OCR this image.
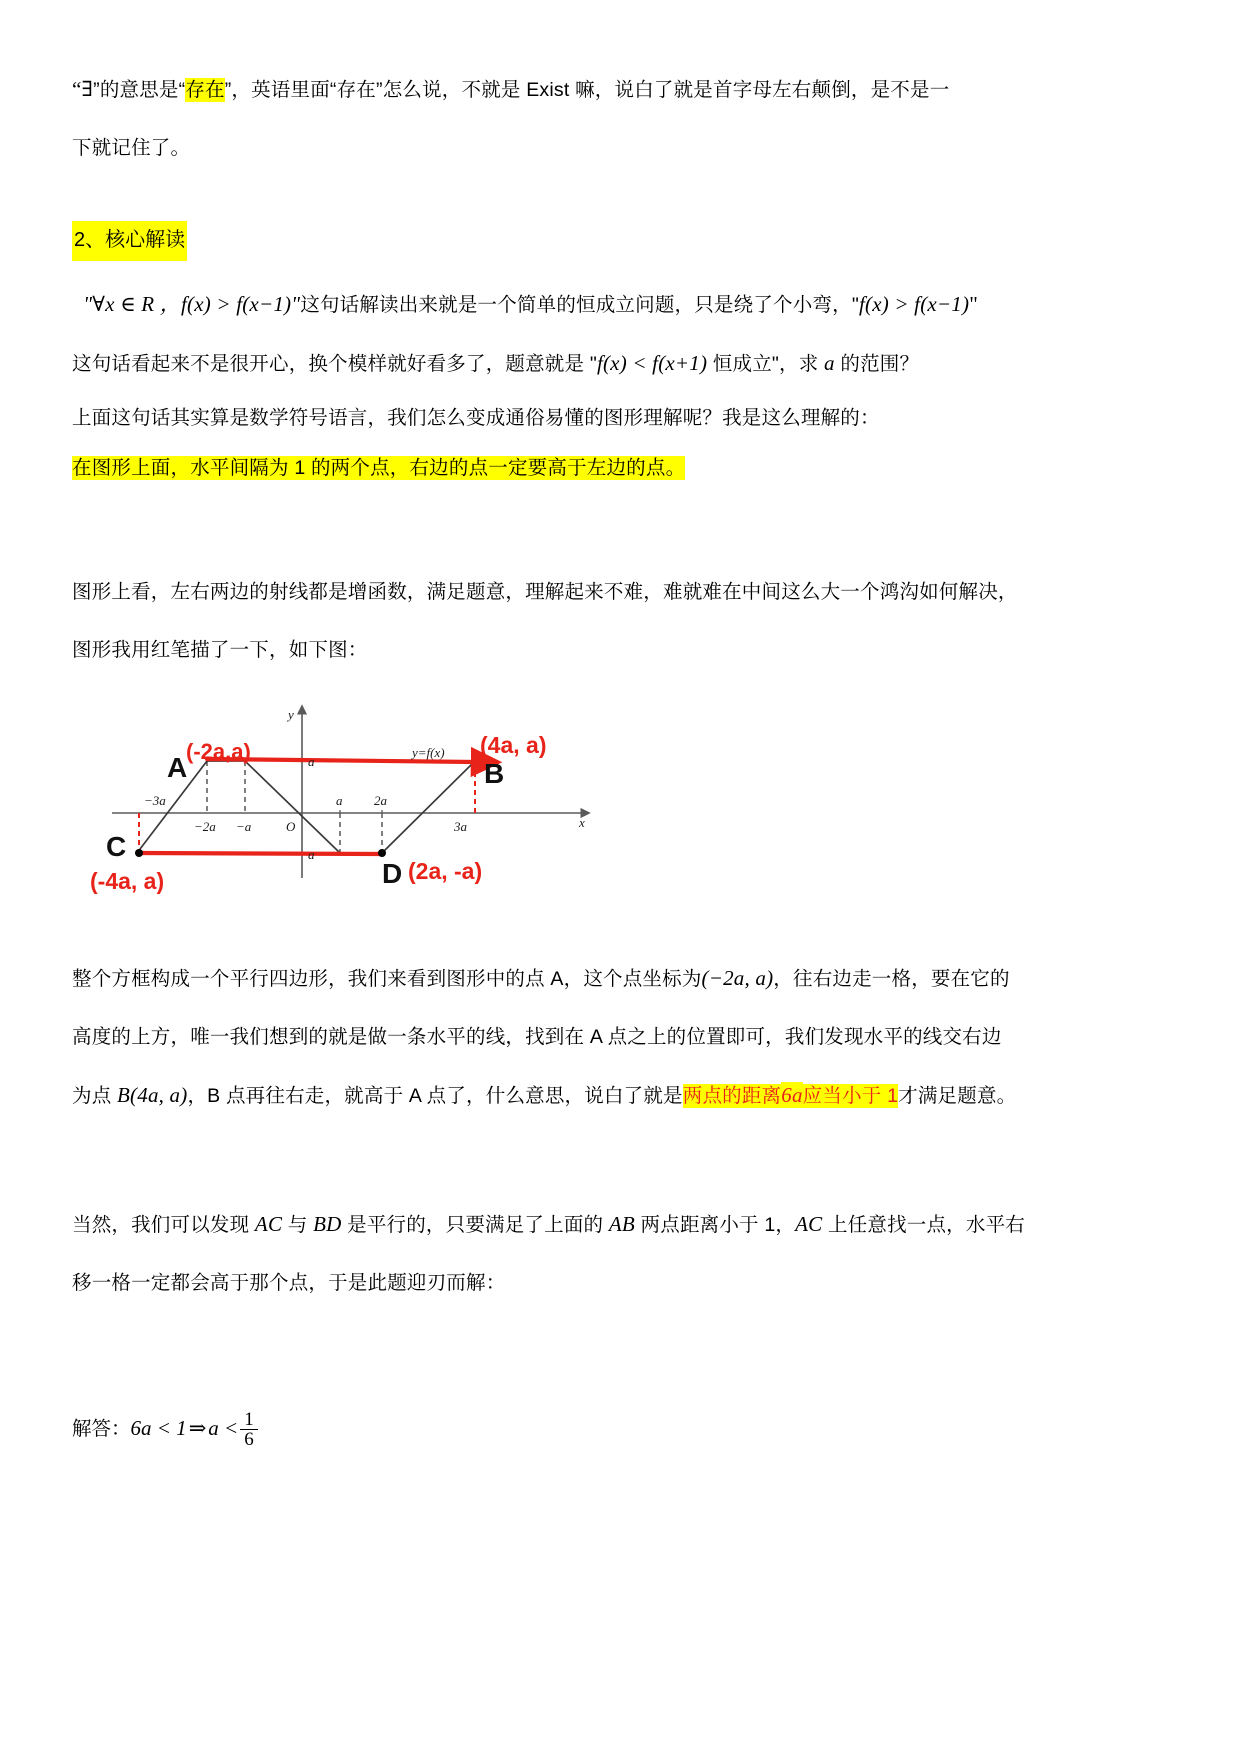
“∃”的意思是“存在”，英语里面“存在”怎么说，不就是 Exist 嘛，说白了就是首字母左右颠倒，是不是一
下就记住了。
2、核心解读
"∀x ∈ R ，f(x) > f(x−1)"这句话解读出来就是一个简单的恒成立问题，只是绕了个小弯，"f(x) > f(x−1)"
这句话看起来不是很开心，换个模样就好看多了，题意就是 "f(x) < f(x+1) 恒成立"，求 a 的范围？
上面这句话其实算是数学符号语言，我们怎么变成通俗易懂的图形理解呢？我是这么理解的：
在图形上面，水平间隔为 1 的两个点，右边的点一定要高于左边的点。
图形上看，左右两边的射线都是增函数，满足题意，理解起来不难，难就难在中间这么大一个鸿沟如何解决，
图形我用红笔描了一下，如下图：
−3a
−2a −a	O
a 2a
3a	x
y
a
a
y=f(x)
A
(-2a,a)
B
(4a, a)
C
(-4a, a)	D (2a, -a)
整个方框构成一个平行四边形，我们来看到图形中的点 A，这个点坐标为(−2a, a)，往右边走一格，要在它的
高度的上方，唯一我们想到的就是做一条水平的线，找到在 A 点之上的位置即可，我们发现水平的线交右边
为点 B(4a, a)，B 点再往右走，就高于 A 点了，什么意思，说白了就是两点的距离6a应当小于 1才满足题意。
当然，我们可以发现 AC 与 BD 是平行的，只要满足了上面的 AB 两点距离小于 1，AC 上任意找一点，水平右
移一格一定都会高于那个点，于是此题迎刃而解：
解答：6a < 1⇒a < $\frac{1}{6}$
